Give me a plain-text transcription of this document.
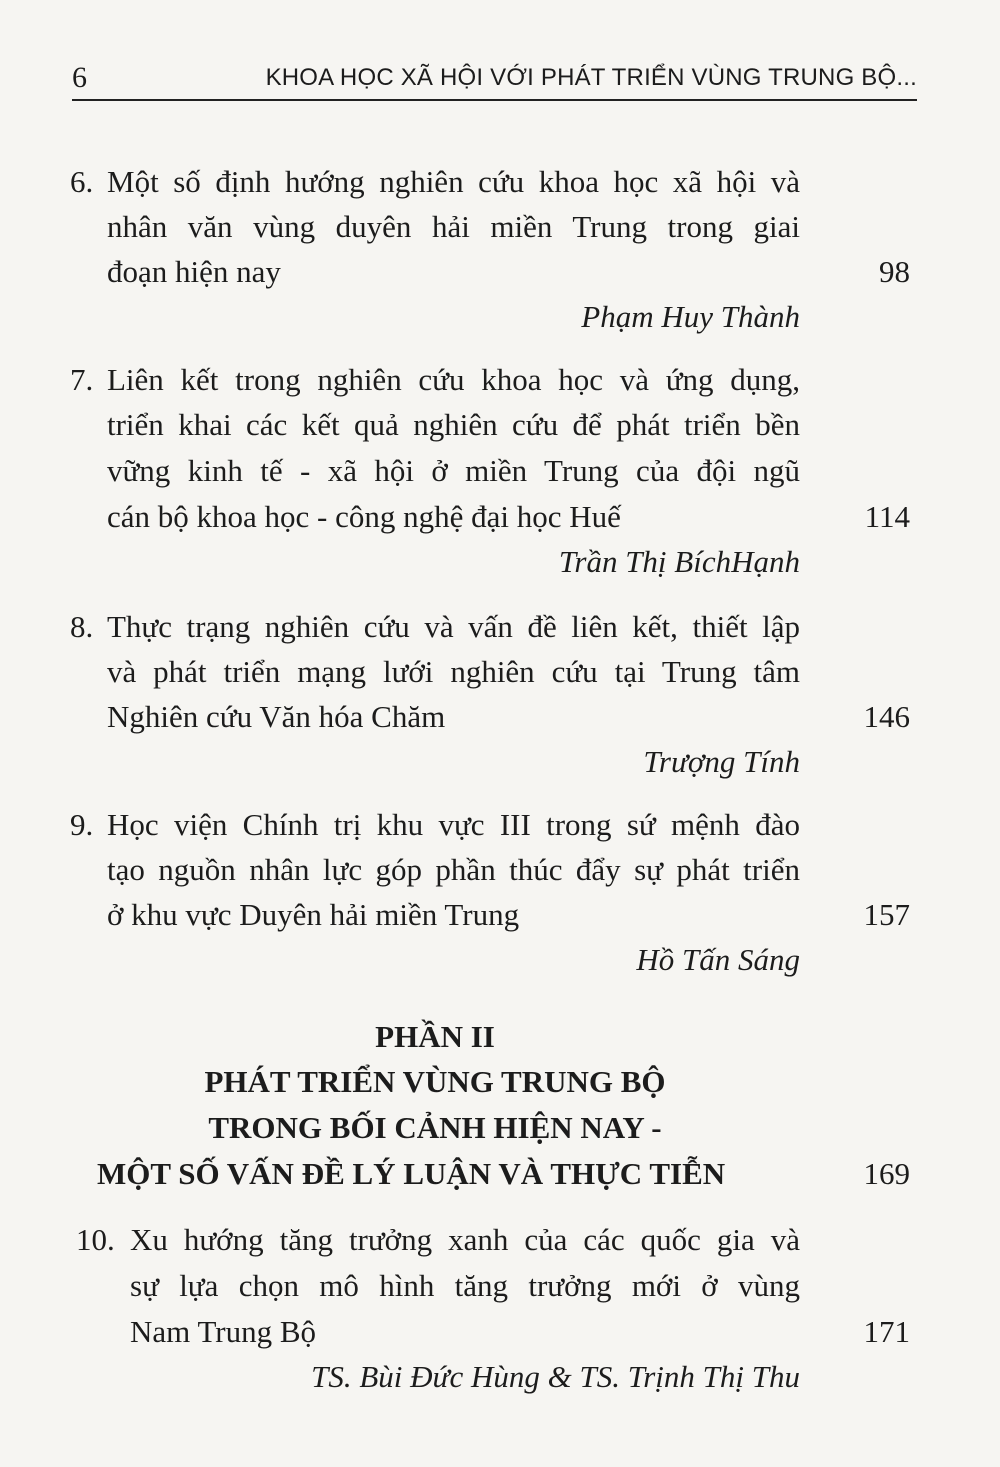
6	KHOA HỌC XÃ HỘI VỚI PHÁT TRIỂN VÙNG TRUNG BỘ...
6. Một số định hướng nghiên cứu khoa học xã hội và
nhân văn vùng duyên hải miền Trung trong giai
đoạn hiện nay	98
Phạm Huy Thành
7. Liên kết trong nghiên cứu khoa học và ứng dụng,
triển khai các kết quả nghiên cứu để phát triển bền
vững kinh tế - xã hội ở miền Trung của đội ngũ
cán bộ khoa học - công nghệ đại học Huế	114
Trần Thị BíchHạnh
8. Thực trạng nghiên cứu và vấn đề liên kết, thiết lập
và phát triển mạng lưới nghiên cứu tại Trung tâm
Nghiên cứu Văn hóa Chăm	146
Trượng Tính
9. Học viện Chính trị khu vực III trong sứ mệnh đào
tạo nguồn nhân lực góp phần thúc đẩy sự phát triển
ở khu vực Duyên hải miền Trung	157
Hồ Tấn Sáng
PHẦN II
PHÁT TRIỂN VÙNG TRUNG BỘ
TRONG BỐI CẢNH HIỆN NAY -
MỘT SỐ VẤN ĐỀ LÝ LUẬN VÀ THỰC TIỄN	169
10. Xu hướng tăng trưởng xanh của các quốc gia và
sự lựa chọn mô hình tăng trưởng mới ở vùng
Nam Trung Bộ	171
TS. Bùi Đức Hùng & TS. Trịnh Thị Thu
